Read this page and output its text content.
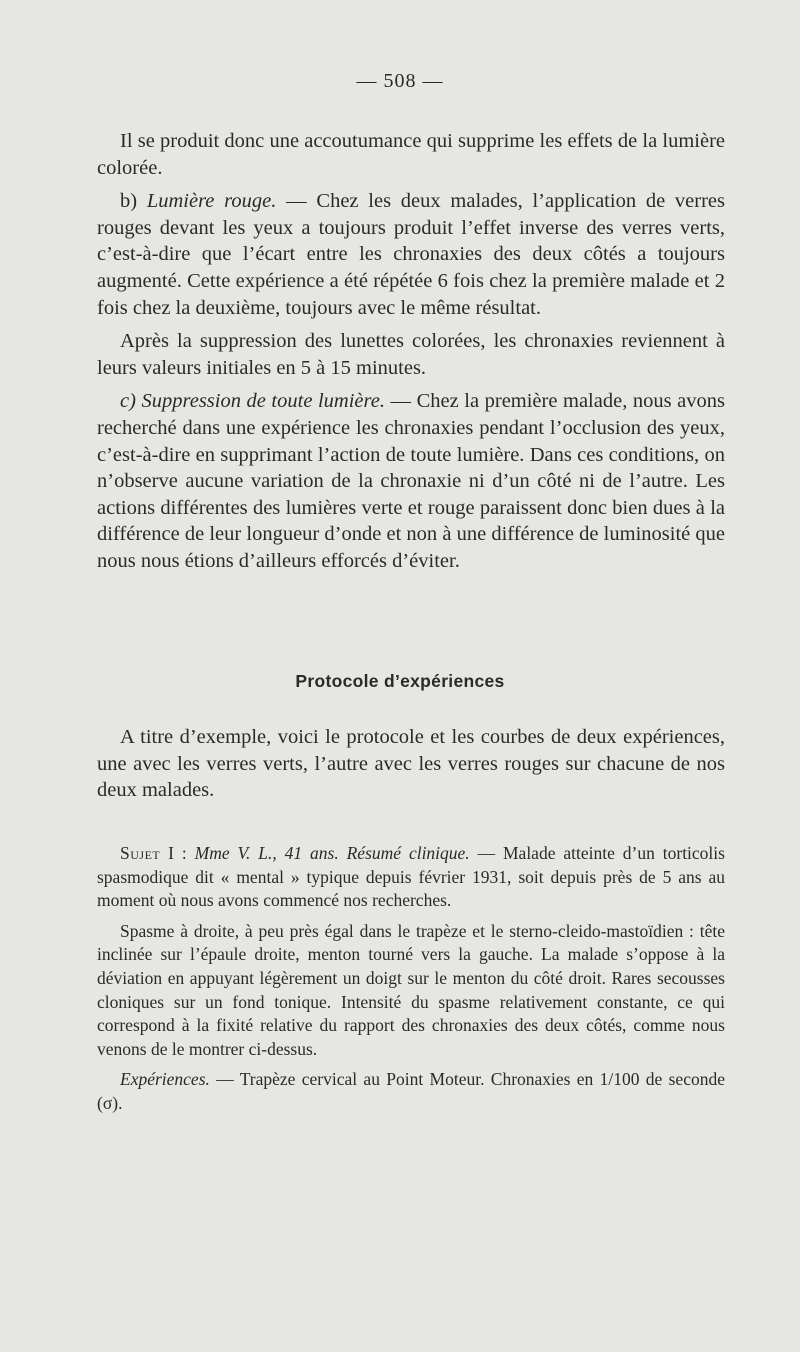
— 508 —

Il se produit donc une accoutumance qui supprime les effets de la lumière colorée.

b) Lumière rouge. — Chez les deux malades, l’application de verres rouges devant les yeux a toujours produit l’effet inverse des verres verts, c’est-à-dire que l’écart entre les chronaxies des deux côtés a toujours augmenté. Cette expérience a été répétée 6 fois chez la première malade et 2 fois chez la deuxième, toujours avec le même résultat.

Après la suppression des lunettes colorées, les chronaxies reviennent à leurs valeurs initiales en 5 à 15 minutes.

c) Suppression de toute lumière. — Chez la première malade, nous avons recherché dans une expérience les chronaxies pendant l’occlusion des yeux, c’est-à-dire en supprimant l’action de toute lumière. Dans ces conditions, on n’observe aucune variation de la chronaxie ni d’un côté ni de l’autre. Les actions différentes des lumières verte et rouge paraissent donc bien dues à la différence de leur longueur d’onde et non à une différence de luminosité que nous nous étions d’ailleurs efforcés d’éviter.

Protocole d’expériences

A titre d’exemple, voici le protocole et les courbes de deux expériences, une avec les verres verts, l’autre avec les verres rouges sur chacune de nos deux malades.

Sujet I : Mme V. L., 41 ans. Résumé clinique. — Malade atteinte d’un torticolis spasmodique dit « mental » typique depuis février 1931, soit depuis près de 5 ans au moment où nous avons commencé nos recherches.

Spasme à droite, à peu près égal dans le trapèze et le sterno-cleido-mastoïdien : tête inclinée sur l’épaule droite, menton tourné vers la gauche. La malade s’oppose à la déviation en appuyant légèrement un doigt sur le menton du côté droit. Rares secousses cloniques sur un fond tonique. Intensité du spasme relativement constante, ce qui correspond à la fixité relative du rapport des chronaxies des deux côtés, comme nous venons de le montrer ci-dessus.

Expériences. — Trapèze cervical au Point Moteur. Chronaxies en 1/100 de seconde (σ).
